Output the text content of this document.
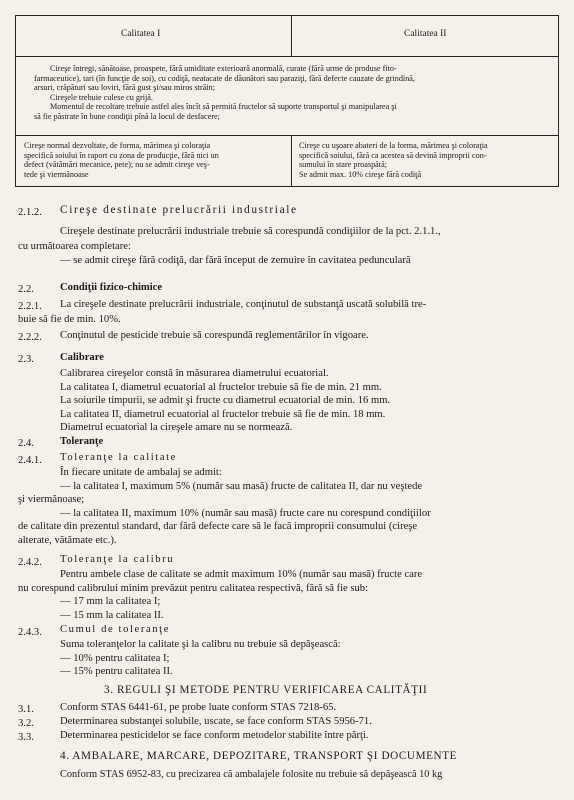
Calitatea I	Calitatea II
Cireşe întregi, sănătoase, proaspete, fără umiditate exterioară anormală, curate (fără urme de produse fito-
farmaceutice), tari (în funcţie de soi), cu codiţă, neatacate de dăunători sau paraziţi, fără defecte cauzate de grindină,
arsuri, crăpături sau loviri, fără gust şi/sau miros străin;
Cireşele trebuie culese cu grijă.
Momentul de recoltare trebuie astfel ales încît să permită fructelor să suporte transportul şi manipularea şi
să fie păstrate în bune condiţii pînă la locul de desfacere;
Cireşe normal dezvoltate, de forma, mărimea şi coloraţia
specifică soiului în raport cu zona de producţie, fără nici un
defect (vătămări mecanice, pete); nu se admit cireşe veş-
tede şi viermănoase
Cireşe cu uşoare abateri de la forma, mărimea şi coloraţia
specifică soiului, fără ca acestea să devină improprii con-
sumului în stare proaspătă;
Se admit max. 10% cireşe fără codiţă
2.1.2. Cireşe destinate prelucrării industriale

Cireşele destinate prelucrării industriale trebuie să corespundă condiţiilor de la pct. 2.1.1.,

cu următoarea completare:

— se admit cireşe fără codiţă, dar fără început de zemuire în cavitatea pedunculară

2.2. Condiţii fizico-chimice
2.2.1.	La cireşele destinate prelucrării industriale, conţinutul de substanţă uscată solubilă tre-

buie să fie de min. 10%.

2.2.2. Conţinutul de pesticide trebuie să corespundă reglementărilor în vigoare.
2.3. Calibrare

Calibrarea cireşelor constă în măsurarea diametrului ecuatorial.

La calitatea I, diametrul ecuatorial al fructelor trebuie să fie de min. 21 mm.

La soiurile timpurii, se admit şi fructe cu diametrul ecuatorial de min. 16 mm.

La calitatea II, diametrul ecuatorial al fructelor trebuie să fie de min. 18 mm.

Diametrul ecuatorial la cireşele amare nu se normează.

2.4. Toleranţe
2.4.1. Toleranţe la calitate

În fiecare unitate de ambalaj se admit:

— la calitatea I, maximum 5% (număr sau masă) fructe de calitatea II, dar nu veştede

şi viermănoase;

— la calitatea II, maximum 10% (număr sau masă) fructe care nu corespund condiţiilor

de calitate din prezentul standard, dar fără defecte care să le facă improprii consumului (cireşe

alterate, vătămate etc.).

2.4.2. Toleranţe la calibru

Pentru ambele clase de calitate se admit maximum 10% (număr sau masă) fructe care

nu corespund calibrului minim prevăzut pentru calitatea respectivă, fără să fie sub:

— 17 mm la calitatea I;

— 15 mm la calitatea II.

2.4.3. Cumul de toleranţe

Suma toleranţelor la calitate şi la calibru nu trebuie să depăşească:

— 10% pentru calitatea I;

— 15% pentru calitatea II.

3. REGULI ŞI METODE PENTRU VERIFICAREA CALITĂŢII
3.1. Conform STAS 6441-61, pe probe luate conform STAS 7218-65.
3.2. Determinarea substanţei solubile, uscate, se face conform STAS 5956-71.
3.3. Determinarea pesticidelor se face conform metodelor stabilite între părţi.
4. AMBALARE, MARCARE, DEPOZITARE, TRANSPORT ŞI DOCUMENTE
Conform STAS 6952-83, cu precizarea că ambalajele folosite nu trebuie să depăşească 10 kg
